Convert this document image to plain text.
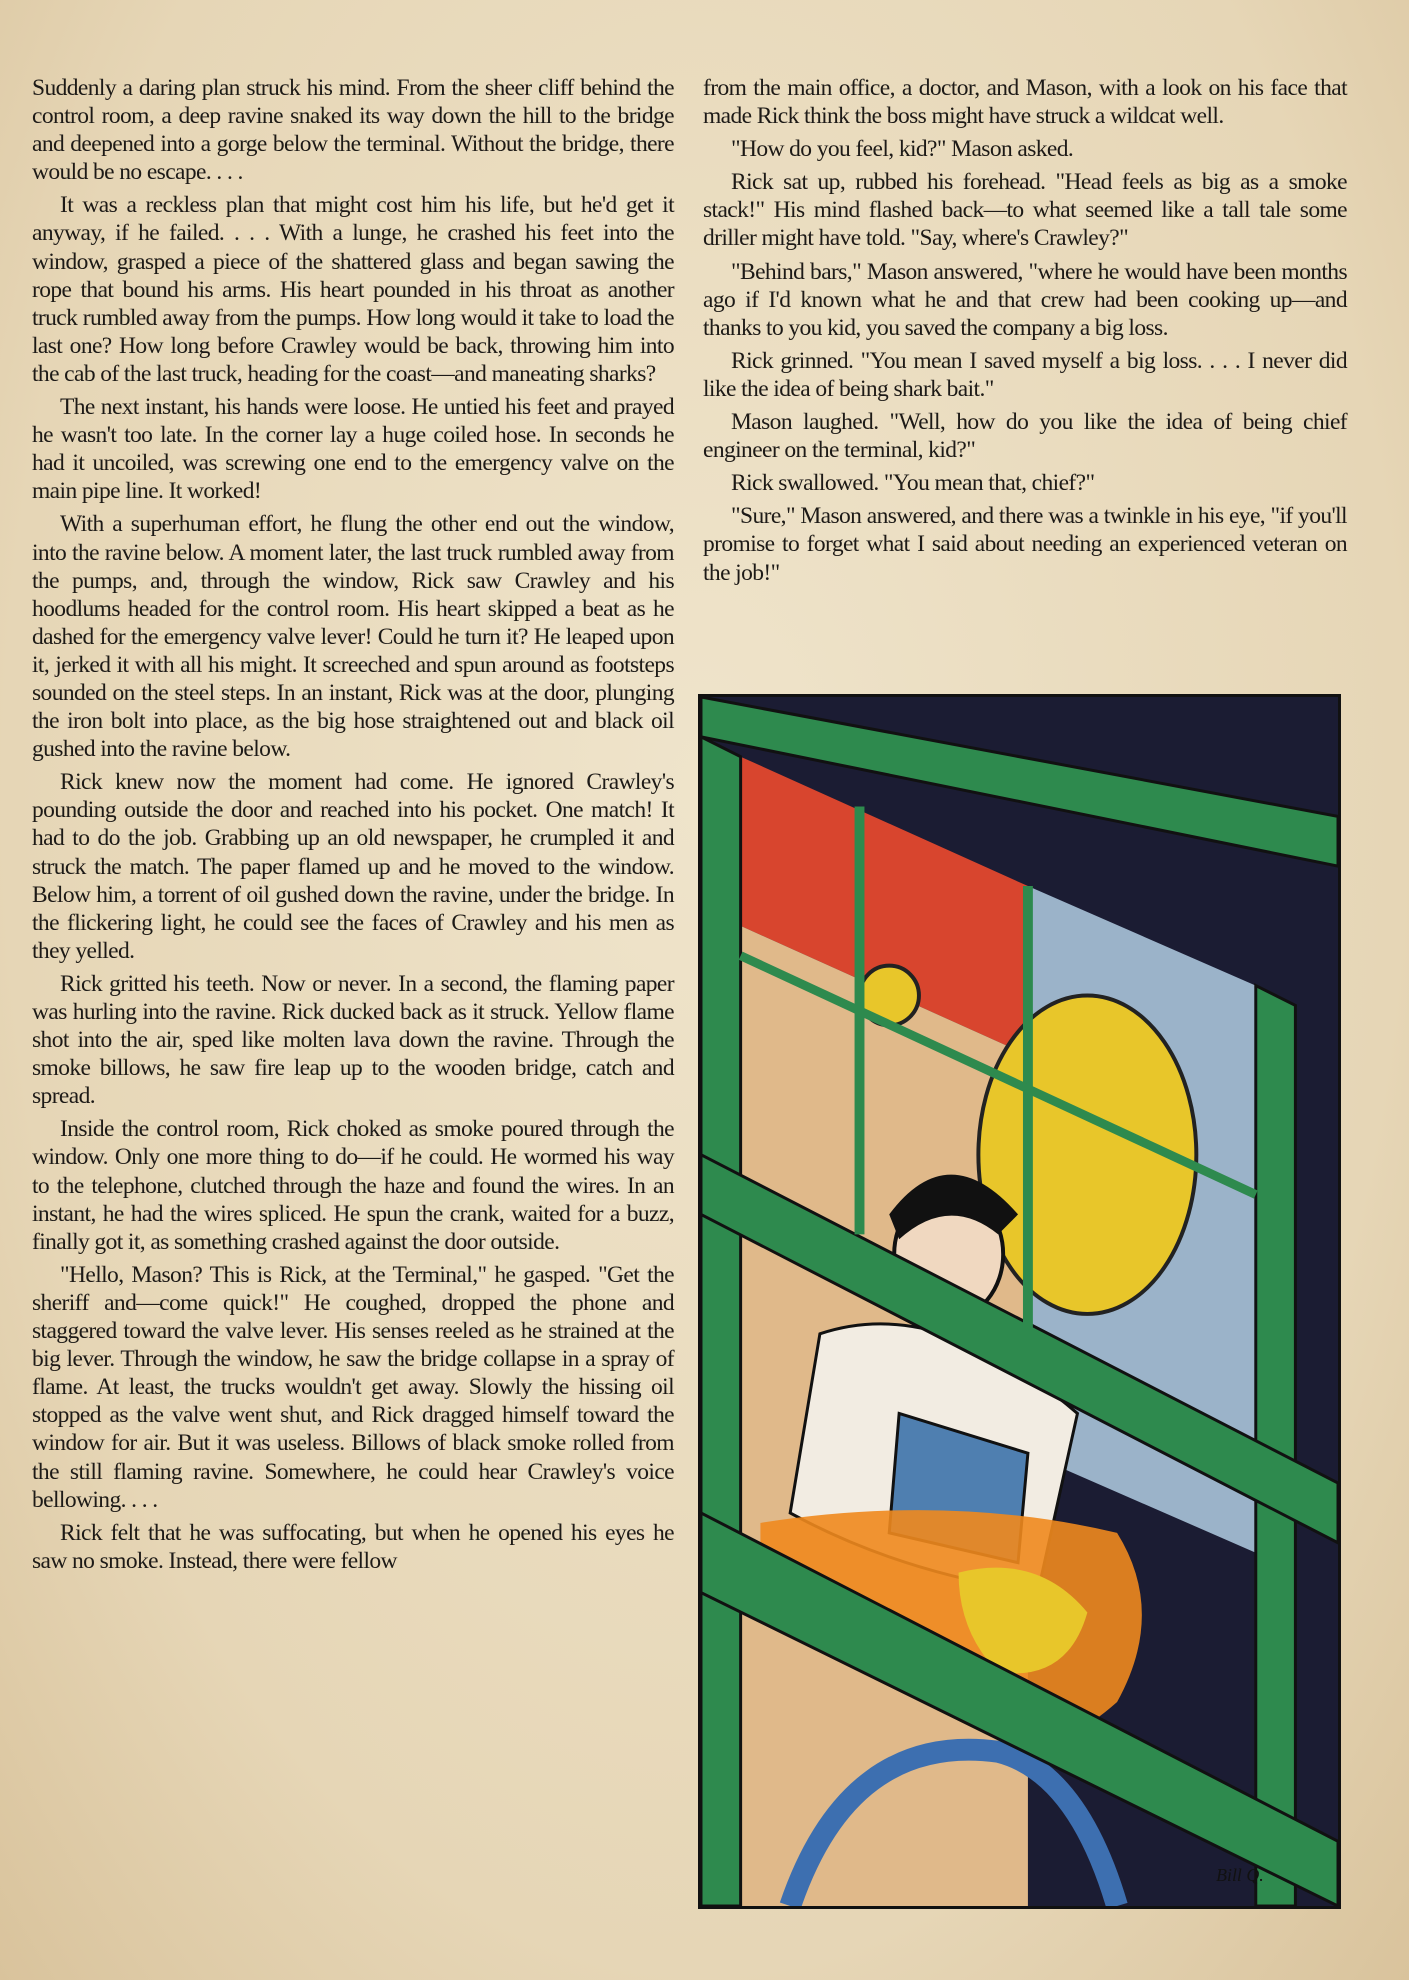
Suddenly a daring plan struck his mind. From the sheer cliff behind the control room, a deep ravine snaked its way down the hill to the bridge and deepened into a gorge below the terminal. Without the bridge, there would be no escape. . . .

It was a reckless plan that might cost him his life, but he'd get it anyway, if he failed. . . . With a lunge, he crashed his feet into the window, grasped a piece of the shattered glass and began sawing the rope that bound his arms. His heart pounded in his throat as another truck rumbled away from the pumps. How long would it take to load the last one? How long before Crawley would be back, throwing him into the cab of the last truck, heading for the coast—and maneating sharks?

The next instant, his hands were loose. He untied his feet and prayed he wasn't too late. In the corner lay a huge coiled hose. In seconds he had it uncoiled, was screwing one end to the emergency valve on the main pipe line. It worked!

With a superhuman effort, he flung the other end out the window, into the ravine below. A moment later, the last truck rumbled away from the pumps, and, through the window, Rick saw Crawley and his hoodlums headed for the control room. His heart skipped a beat as he dashed for the emergency valve lever! Could he turn it? He leaped upon it, jerked it with all his might. It screeched and spun around as footsteps sounded on the steel steps. In an instant, Rick was at the door, plunging the iron bolt into place, as the big hose straightened out and black oil gushed into the ravine below.

Rick knew now the moment had come. He ignored Crawley's pounding outside the door and reached into his pocket. One match! It had to do the job. Grabbing up an old newspaper, he crumpled it and struck the match. The paper flamed up and he moved to the window. Below him, a torrent of oil gushed down the ravine, under the bridge. In the flickering light, he could see the faces of Crawley and his men as they yelled.

Rick gritted his teeth. Now or never. In a second, the flaming paper was hurling into the ravine. Rick ducked back as it struck. Yellow flame shot into the air, sped like molten lava down the ravine. Through the smoke billows, he saw fire leap up to the wooden bridge, catch and spread.

Inside the control room, Rick choked as smoke poured through the window. Only one more thing to do—if he could. He wormed his way to the telephone, clutched through the haze and found the wires. In an instant, he had the wires spliced. He spun the crank, waited for a buzz, finally got it, as something crashed against the door outside.

"Hello, Mason? This is Rick, at the Terminal," he gasped. "Get the sheriff and—come quick!" He coughed, dropped the phone and staggered toward the valve lever. His senses reeled as he strained at the big lever. Through the window, he saw the bridge collapse in a spray of flame. At least, the trucks wouldn't get away. Slowly the hissing oil stopped as the valve went shut, and Rick dragged himself toward the window for air. But it was useless. Billows of black smoke rolled from the still flaming ravine. Somewhere, he could hear Crawley's voice bellowing. . . .

Rick felt that he was suffocating, but when he opened his eyes he saw no smoke. Instead, there were fellow

from the main office, a doctor, and Mason, with a look on his face that made Rick think the boss might have struck a wildcat well.

"How do you feel, kid?" Mason asked.

Rick sat up, rubbed his forehead. "Head feels as big as a smoke stack!" His mind flashed back—to what seemed like a tall tale some driller might have told. "Say, where's Crawley?"

"Behind bars," Mason answered, "where he would have been months ago if I'd known what he and that crew had been cooking up—and thanks to you kid, you saved the company a big loss.

Rick grinned. "You mean I saved myself a big loss. . . . I never did like the idea of being shark bait."

Mason laughed. "Well, how do you like the idea of being chief engineer on the terminal, kid?"

Rick swallowed. "You mean that, chief?"

"Sure," Mason answered, and there was a twinkle in his eye, "if you'll promise to forget what I said about needing an experienced veteran on the job!"

Bill Q.
